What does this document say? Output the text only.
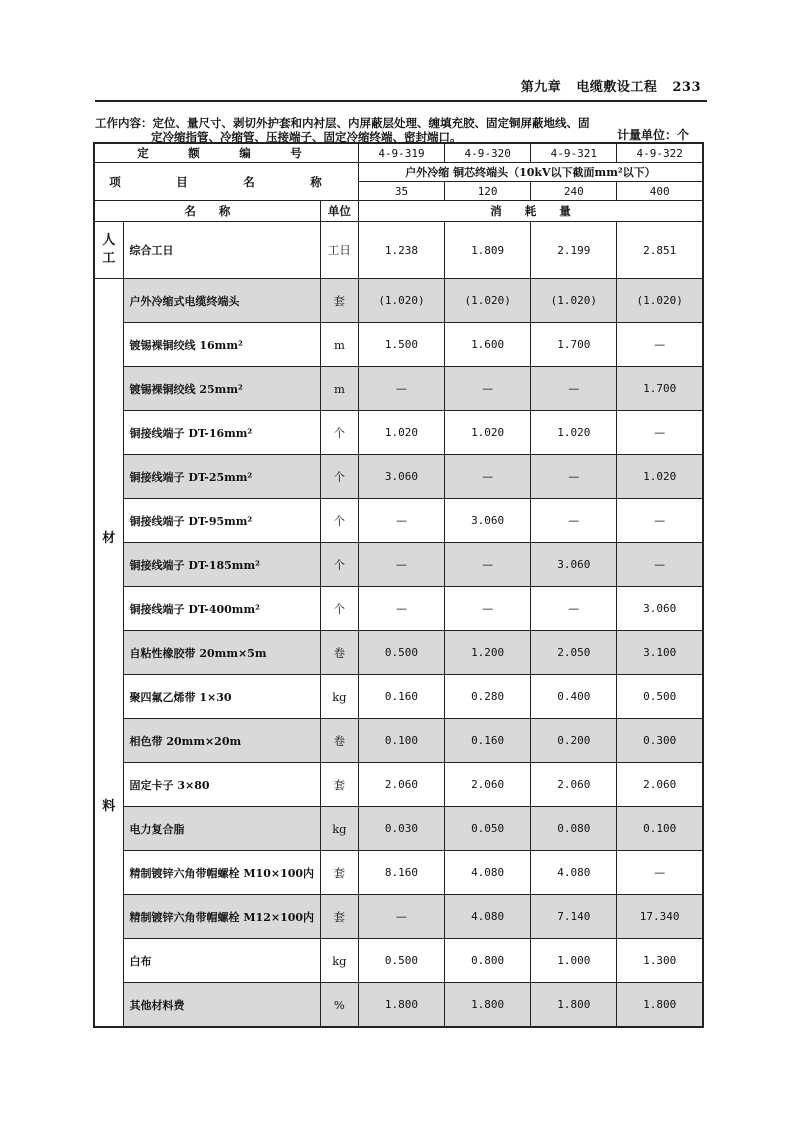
第九章 电缆敷设工程 233
工作内容：定位、量尺寸、剥切外护套和内衬层、内屏蔽层处理、缠填充胶、固定铜屏蔽地线、固
定冷缩指管、冷缩管、压接端子、固定冷缩终端、密封端口。	计量单位：个
定　额　编　号			4-9-319	4-9-320	4-9-321	4-9-322
项　目　名　称			户外冷缩 铜芯终端头（10kV以下截面mm²以下）			
			35	120	240	400
名　　称		单位	消　　耗　　量			
人工	综合工日	工日	1.238	1.809	2.199	2.851

材
料	户外冷缩式电缆终端头	套	(1.020)	(1.020)	(1.020)	(1.020)
	镀锡裸铜绞线 16mm²	m	1.500	1.600	1.700	—
	镀锡裸铜绞线 25mm²	m	—	—	—	1.700
	铜接线端子 DT-16mm²	个	1.020	1.020	1.020	—
	铜接线端子 DT-25mm²	个	3.060	—	—	1.020
	铜接线端子 DT-95mm²	个	—	3.060	—	—
	铜接线端子 DT-185mm²	个	—	—	3.060	—
	铜接线端子 DT-400mm²	个	—	—	—	3.060
	自粘性橡胶带 20mm×5m	卷	0.500	1.200	2.050	3.100
	聚四氟乙烯带 1×30	kg	0.160	0.280	0.400	0.500
	相色带 20mm×20m	卷	0.100	0.160	0.200	0.300
	固定卡子 3×80	套	2.060	2.060	2.060	2.060
	电力复合脂	kg	0.030	0.050	0.080	0.100
	精制镀锌六角带帽螺栓 M10×100内	套	8.160	4.080	4.080	—
	精制镀锌六角带帽螺栓 M12×100内	套	—	4.080	7.140	17.340
	白布	kg	0.500	0.800	1.000	1.300
	其他材料费	%	1.800	1.800	1.800	1.800
